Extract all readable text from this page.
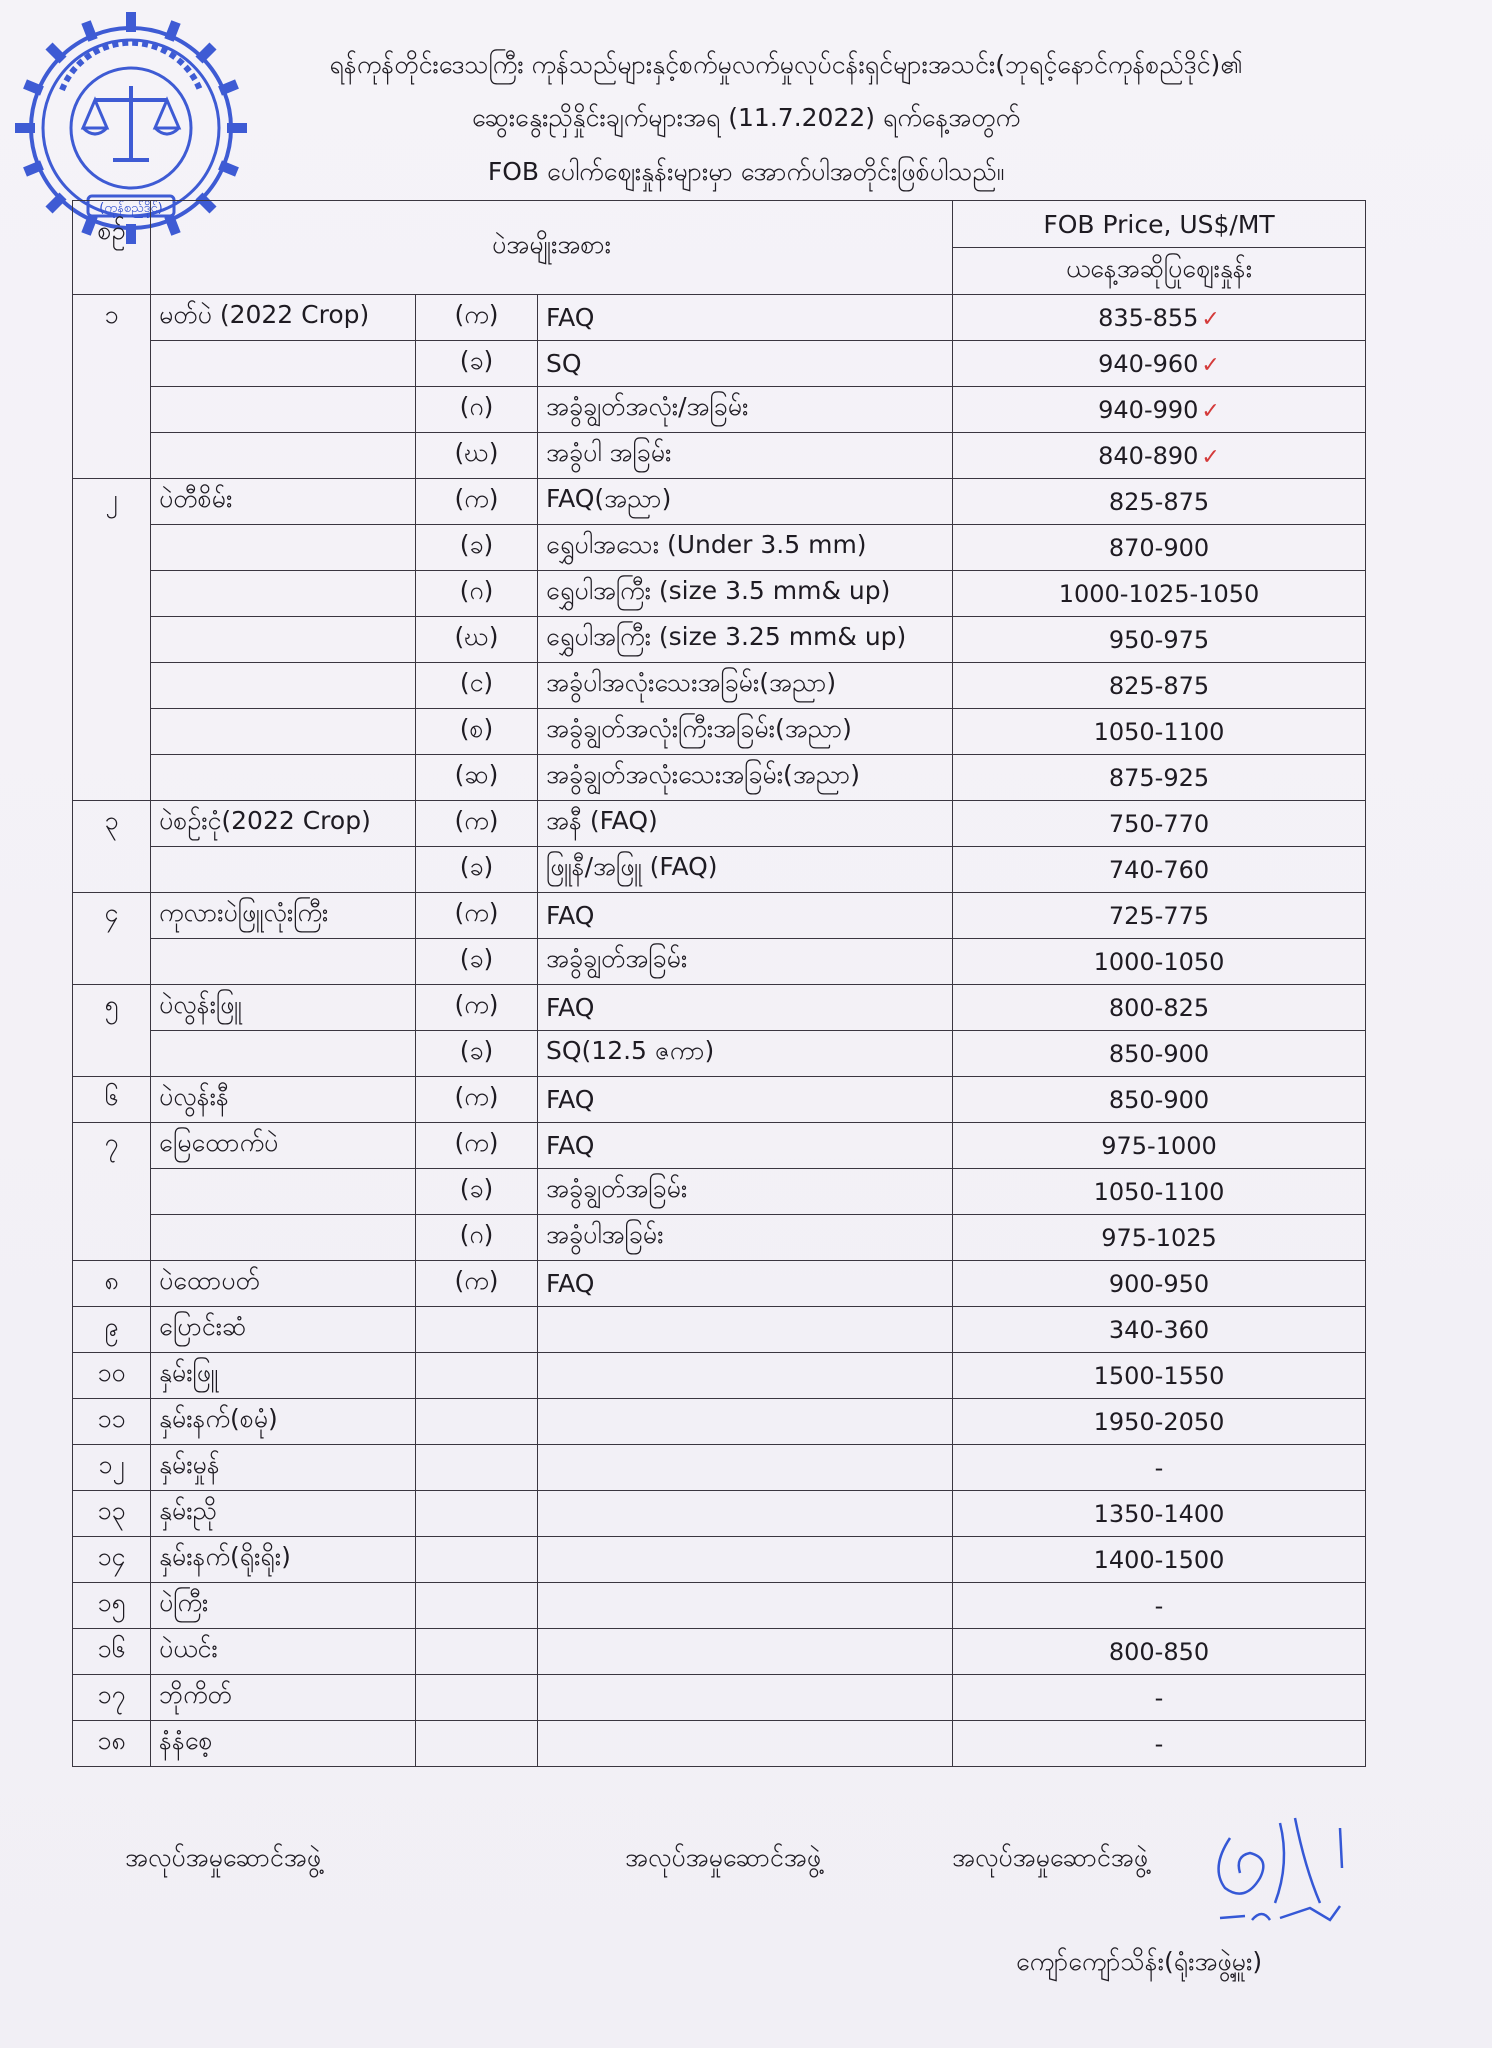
(ကုန်စည်ဒိုင်)
ရန်ကုန်တိုင်းဒေသကြီး ကုန်သည်များနှင့်စက်မှုလက်မှုလုပ်ငန်းရှင်များအသင်း(ဘုရင့်နောင်ကုန်စည်ဒိုင်)၏
ဆွေးနွေးညှိနှိုင်းချက်များအရ (11.7.2022) ရက်နေ့အတွက်
FOB ပေါက်ဈေးနှုန်းများမှာ အောက်ပါအတိုင်းဖြစ်ပါသည်။
စဉ်	ပဲအမျိုးအစား			FOB Price, US$/MT
				ယနေ့အဆိုပြုဈေးနှုန်း
၁	မတ်ပဲ (2022 Crop)	(က)	FAQ	835-855 ✓
		(ခ)	SQ	940-960 ✓
		(ဂ)	အခွံချွတ်အလုံး/အခြမ်း	940-990 ✓
		(ဃ)	အခွံပါ အခြမ်း	840-890 ✓
၂	ပဲတီစိမ်း	(က)	FAQ(အညာ)	825-875
		(ခ)	ရွှေပါအသေး (Under 3.5 mm)	870-900
		(ဂ)	ရွှေပါအကြီး (size 3.5 mm& up)	1000-1025-1050
		(ဃ)	ရွှေပါအကြီး (size 3.25 mm& up)	950-975
		(င)	အခွံပါအလုံးသေးအခြမ်း(အညာ)	825-875
		(စ)	အခွံချွတ်အလုံးကြီးအခြမ်း(အညာ)	1050-1100
		(ဆ)	အခွံချွတ်အလုံးသေးအခြမ်း(အညာ)	875-925
၃	ပဲစဉ်းငုံ(2022 Crop)	(က)	အနီ (FAQ)	750-770
		(ခ)	ဖြူနီ/အဖြူ (FAQ)	740-760
၄	ကုလားပဲဖြူလုံးကြီး	(က)	FAQ	725-775
		(ခ)	အခွံချွတ်အခြမ်း	1000-1050
၅	ပဲလွန်းဖြူ	(က)	FAQ	800-825
		(ခ)	SQ(12.5 ဇကာ)	850-900
၆	ပဲလွန်းနီ	(က)	FAQ	850-900
၇	မြေထောက်ပဲ	(က)	FAQ	975-1000
		(ခ)	အခွံချွတ်အခြမ်း	1050-1100
		(ဂ)	အခွံပါအခြမ်း	975-1025
၈	ပဲထောပတ်	(က)	FAQ	900-950
၉	ပြောင်းဆံ			340-360
၁၀	နှမ်းဖြူ			1500-1550
၁၁	နှမ်းနက်(စမုံ)			1950-2050
၁၂	နှမ်းမှုန်			-
၁၃	နှမ်းညို			1350-1400
၁၄	နှမ်းနက်(ရိုးရိုး)			1400-1500
၁၅	ပဲကြီး			-
၁၆	ပဲယင်း			800-850
၁၇	ဘိုကိတ်			-
၁၈	နံနံစေ့			-
အလုပ်အမှုဆောင်အဖွဲ့	အလုပ်အမှုဆောင်အဖွဲ့	အလုပ်အမှုဆောင်အဖွဲ့
ကျော်ကျော်သိန်း(ရုံးအဖွဲ့မှူး)
